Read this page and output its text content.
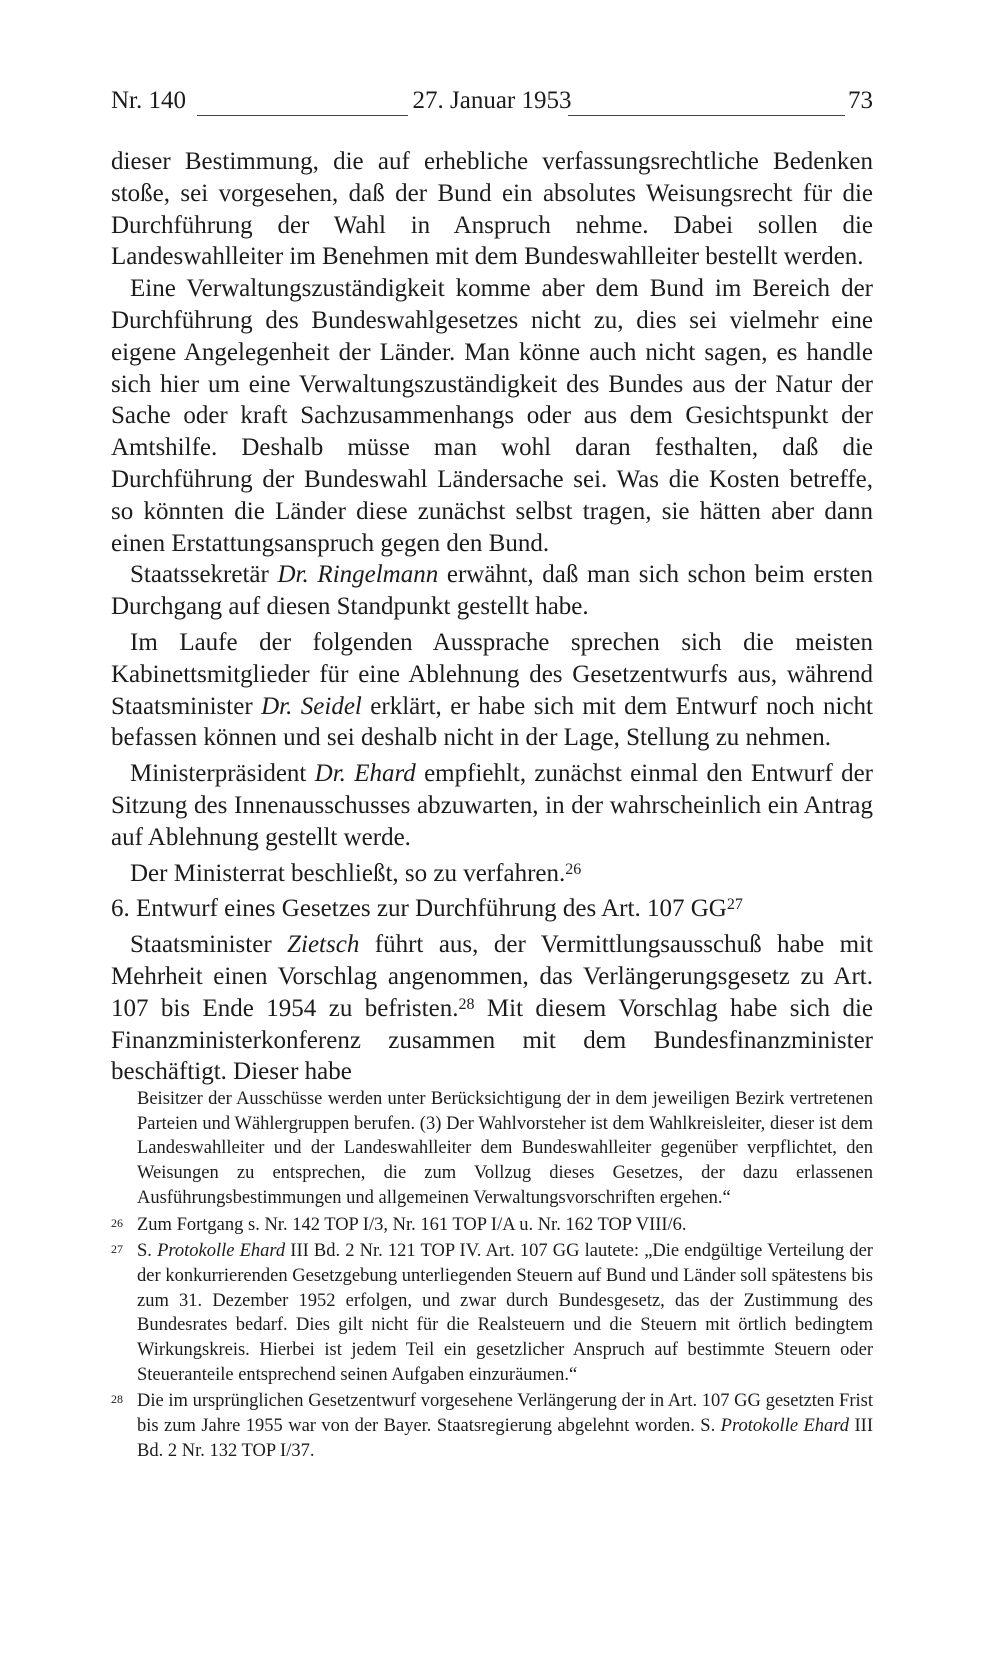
Nr. 140	27. Januar 1953	73

dieser Bestimmung, die auf erhebliche verfassungsrechtliche Bedenken stoße, sei vorgesehen, daß der Bund ein absolutes Weisungsrecht für die Durchführung der Wahl in Anspruch nehme. Dabei sollen die Landeswahlleiter im Benehmen mit dem Bundeswahlleiter bestellt werden.

Eine Verwaltungszuständigkeit komme aber dem Bund im Bereich der Durchführung des Bundeswahlgesetzes nicht zu, dies sei vielmehr eine eigene Angelegenheit der Länder. Man könne auch nicht sagen, es handle sich hier um eine Verwaltungszuständigkeit des Bundes aus der Natur der Sache oder kraft Sachzusammenhangs oder aus dem Gesichtspunkt der Amtshilfe. Deshalb müsse man wohl daran festhalten, daß die Durchführung der Bundeswahl Ländersache sei. Was die Kosten betreffe, so könnten die Länder diese zunächst selbst tragen, sie hätten aber dann einen Erstattungsanspruch gegen den Bund.

Staatssekretär Dr. Ringelmann erwähnt, daß man sich schon beim ersten Durchgang auf diesen Standpunkt gestellt habe.

Im Laufe der folgenden Aussprache sprechen sich die meisten Kabinettsmitglieder für eine Ablehnung des Gesetzentwurfs aus, während Staatsminister Dr. Seidel erklärt, er habe sich mit dem Entwurf noch nicht befassen können und sei deshalb nicht in der Lage, Stellung zu nehmen.

Ministerpräsident Dr. Ehard empfiehlt, zunächst einmal den Entwurf der Sitzung des Innenausschusses abzuwarten, in der wahrscheinlich ein Antrag auf Ablehnung gestellt werde.

Der Ministerrat beschließt, so zu verfahren.$^{26}$

6. Entwurf eines Gesetzes zur Durchführung des Art. 107 GG$^{27}$

Staatsminister Zietsch führt aus, der Vermittlungsausschuß habe mit Mehrheit einen Vorschlag angenommen, das Verlängerungsgesetz zu Art. 107 bis Ende 1954 zu befristen.$^{28}$ Mit diesem Vorschlag habe sich die Finanzministerkonferenz zusammen mit dem Bundesfinanzminister beschäftigt. Dieser habe

Beisitzer der Ausschüsse werden unter Berücksichtigung der in dem jeweiligen Bezirk vertretenen Parteien und Wählergruppen berufen. (3) Der Wahlvorsteher ist dem Wahlkreisleiter, dieser ist dem Landeswahlleiter und der Landeswahlleiter dem Bundeswahlleiter gegenüber verpflichtet, den Weisungen zu entsprechen, die zum Vollzug dieses Gesetzes, der dazu erlassenen Ausführungsbestimmungen und allgemeinen Verwaltungsvorschriften ergehen.“

26 Zum Fortgang s. Nr. 142 TOP I/3, Nr. 161 TOP I/A u. Nr. 162 TOP VIII/6.

27 S. Protokolle Ehard III Bd. 2 Nr. 121 TOP IV. Art. 107 GG lautete: „Die endgültige Verteilung der der konkurrierenden Gesetzgebung unterliegenden Steuern auf Bund und Länder soll spätestens bis zum 31. Dezember 1952 erfolgen, und zwar durch Bundesgesetz, das der Zustimmung des Bundesrates bedarf. Dies gilt nicht für die Realsteuern und die Steuern mit örtlich bedingtem Wirkungskreis. Hierbei ist jedem Teil ein gesetzlicher Anspruch auf bestimmte Steuern oder Steueranteile entsprechend seinen Aufgaben einzuräumen.“

28 Die im ursprünglichen Gesetzentwurf vorgesehene Verlängerung der in Art. 107 GG gesetzten Frist bis zum Jahre 1955 war von der Bayer. Staatsregierung abgelehnt worden. S. Protokolle Ehard III Bd. 2 Nr. 132 TOP I/37.
